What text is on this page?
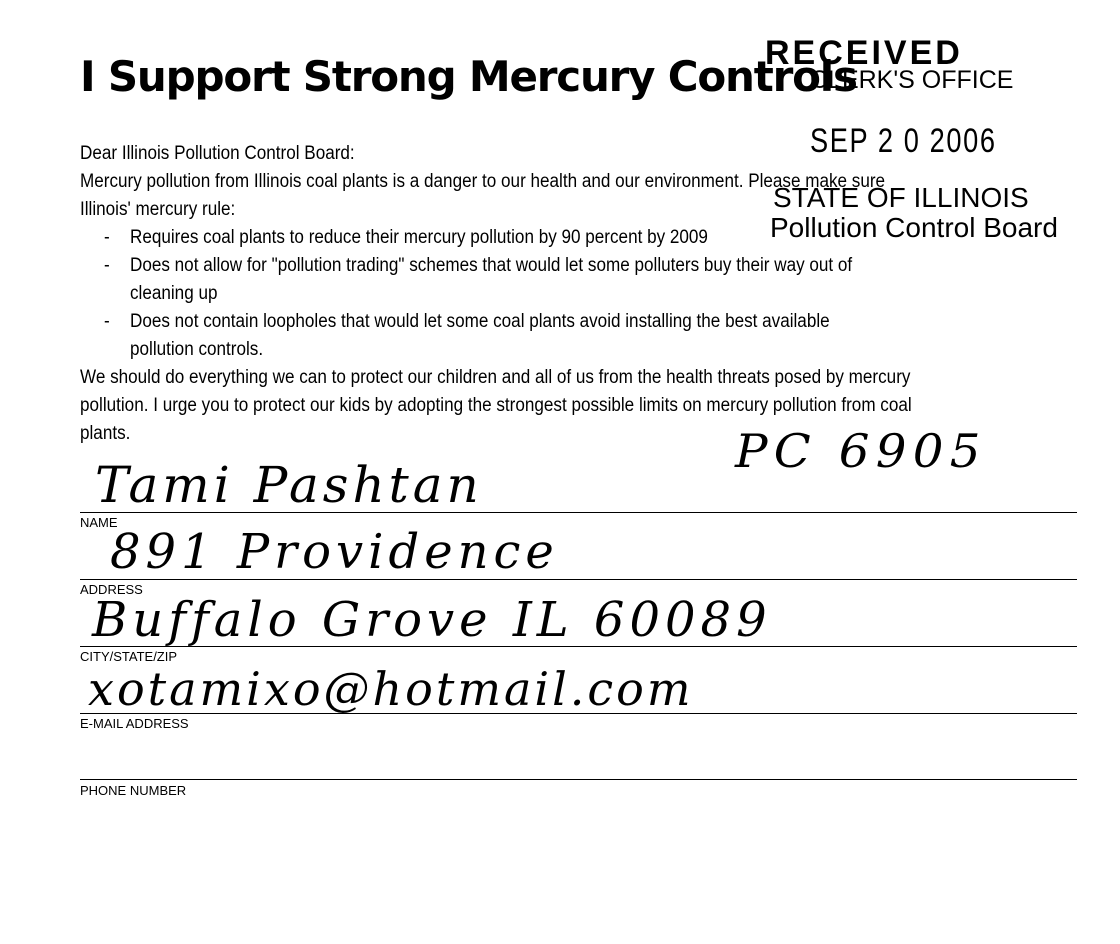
I Support Strong Mercury Controls
RECEIVED
CLERK'S OFFICE
SEP 2 0 2006
STATE OF ILLINOIS
Pollution Control Board
Dear Illinois Pollution Control Board:
Mercury pollution from Illinois coal plants is a danger to our health and our environment. Please make sure
Illinois' mercury rule:
- Requires coal plants to reduce their mercury pollution by 90 percent by 2009
- Does not allow for "pollution trading" schemes that would let some polluters buy their way out of
cleaning up
- Does not contain loopholes that would let some coal plants avoid installing the best available
pollution controls.
We should do everything we can to protect our children and all of us from the health threats posed by mercury
pollution. I urge you to protect our kids by adopting the strongest possible limits on mercury pollution from coal
plants.	PC 6905
Tami Pashtan
NAME
891 Providence
ADDRESS
Buffalo Grove IL 60089
CITY/STATE/ZIP
xotamixo@hotmail.com
E-MAIL ADDRESS
PHONE NUMBER
